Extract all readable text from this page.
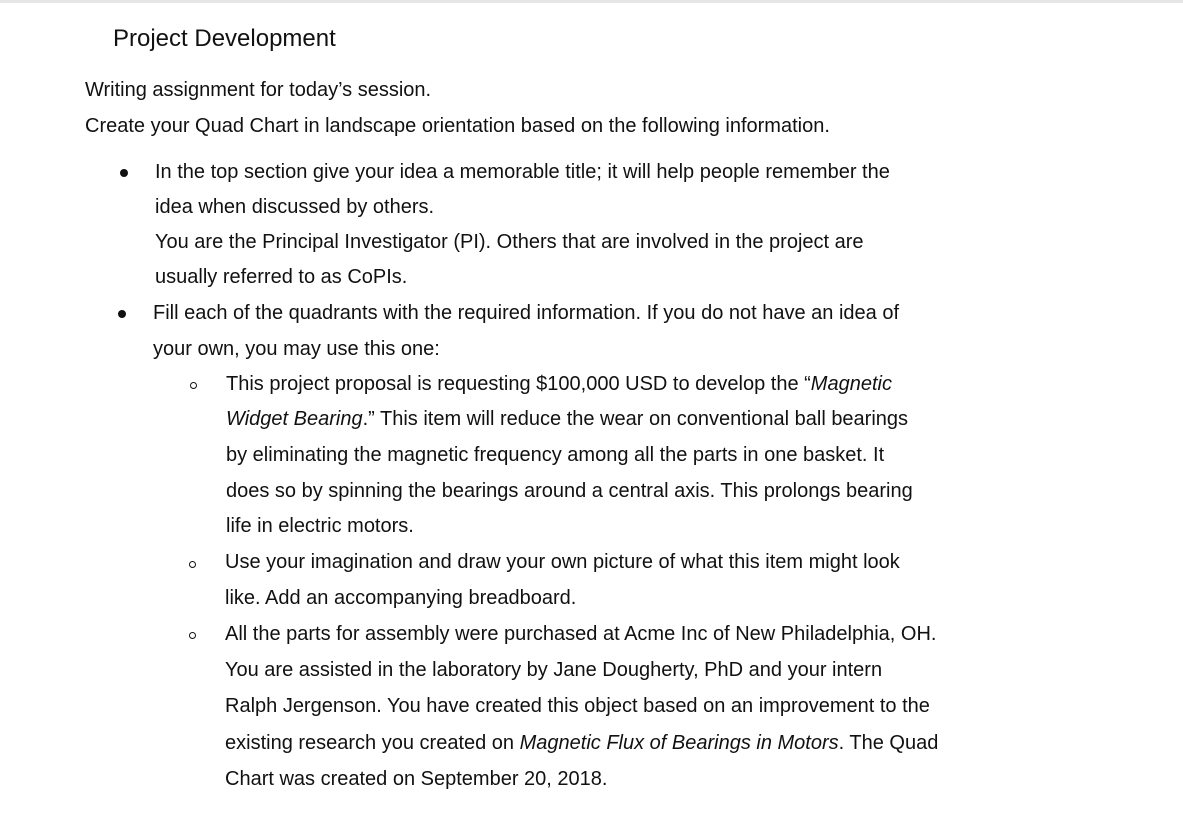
Project Development
Writing assignment for today’s session.
Create your Quad Chart in landscape orientation based on the following information.
In the top section give your idea a memorable title; it will help people remember the
idea when discussed by others.
You are the Principal Investigator (PI). Others that are involved in the project are
usually referred to as CoPIs.
Fill each of the quadrants with the required information. If you do not have an idea of
your own, you may use this one:
This project proposal is requesting $100,000 USD to develop the “Magnetic
Widget Bearing.” This item will reduce the wear on conventional ball bearings
by eliminating the magnetic frequency among all the parts in one basket. It
does so by spinning the bearings around a central axis. This prolongs bearing
life in electric motors.
Use your imagination and draw your own picture of what this item might look
like. Add an accompanying breadboard.
All the parts for assembly were purchased at Acme Inc of New Philadelphia, OH.
You are assisted in the laboratory by Jane Dougherty, PhD and your intern
Ralph Jergenson. You have created this object based on an improvement to the
existing research you created on Magnetic Flux of Bearings in Motors. The Quad
Chart was created on September 20, 2018.
